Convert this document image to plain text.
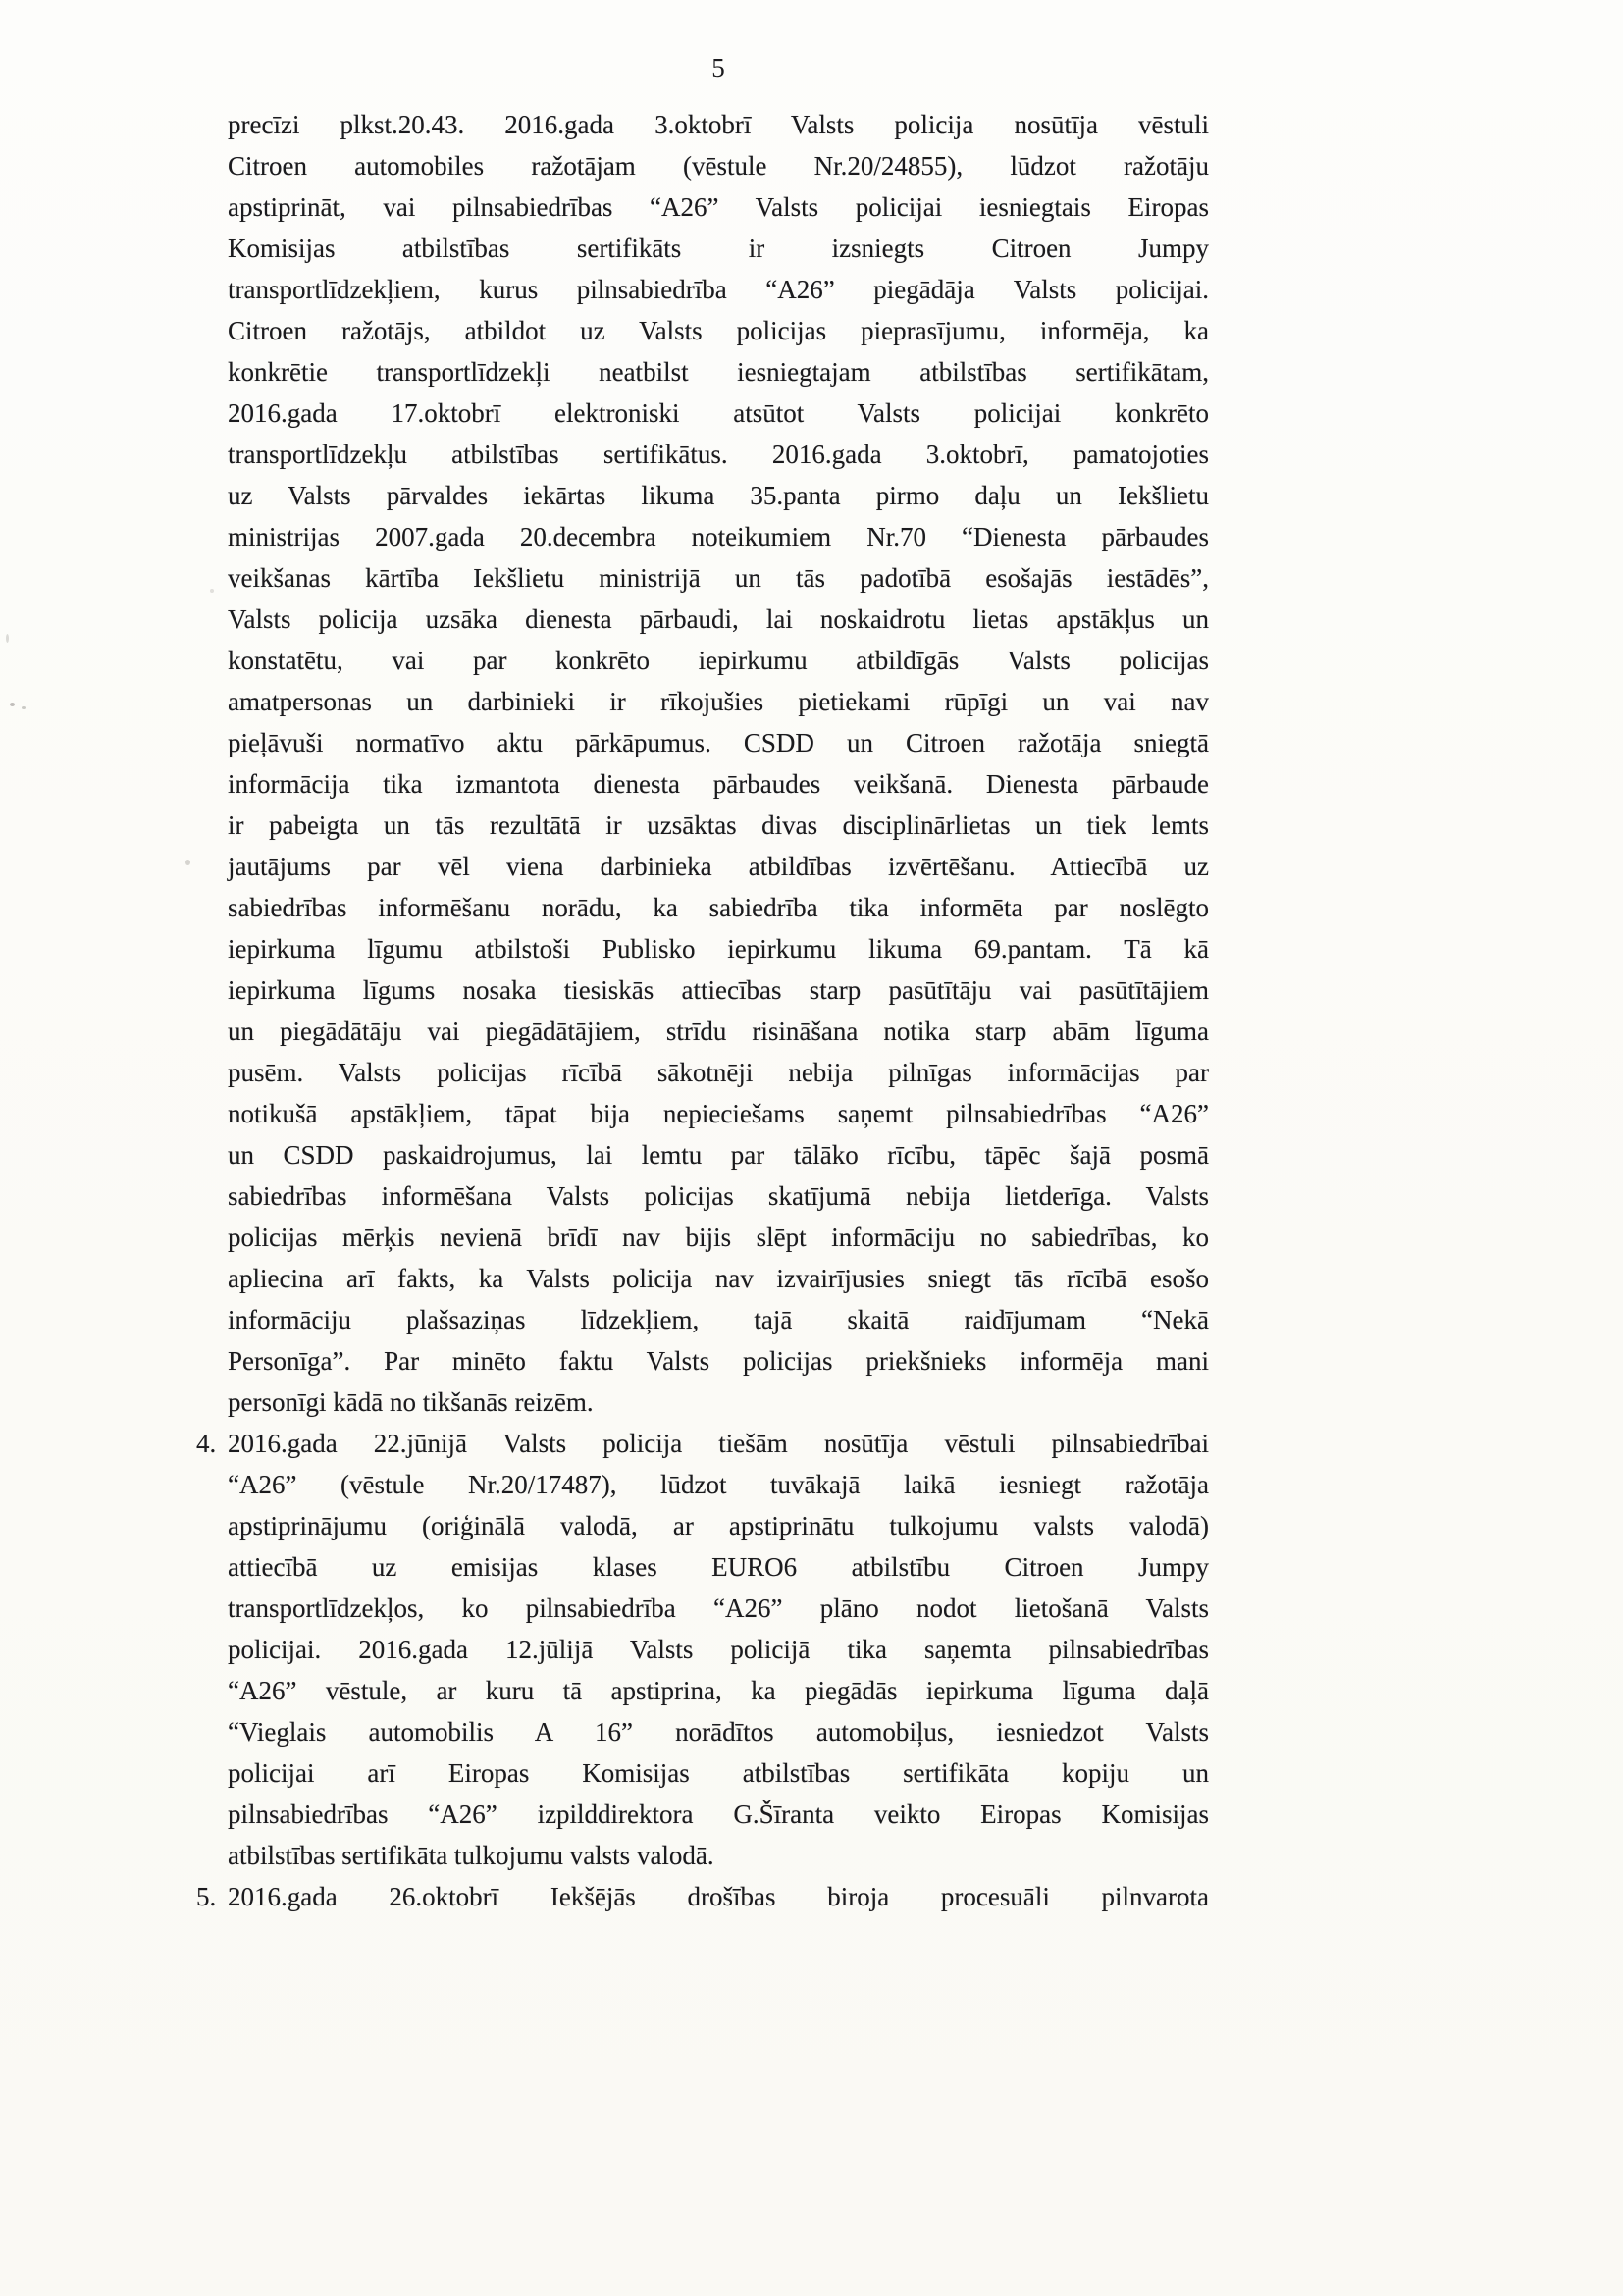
5
precīzi plkst.20.43. 2016.gada 3.oktobrī Valsts policija nosūtīja vēstuli
Citroen automobiles ražotājam (vēstule Nr.20/24855), lūdzot ražotāju
apstiprināt, vai pilnsabiedrības “A26” Valsts policijai iesniegtais Eiropas
Komisijas atbilstības sertifikāts ir izsniegts Citroen Jumpy
transportlīdzekļiem, kurus pilnsabiedrība “A26” piegādāja Valsts policijai.
Citroen ražotājs, atbildot uz Valsts policijas pieprasījumu, informēja, ka
konkrētie transportlīdzekļi neatbilst iesniegtajam atbilstības sertifikātam,
2016.gada 17.oktobrī elektroniski atsūtot Valsts policijai konkrēto
transportlīdzekļu atbilstības sertifikātus. 2016.gada 3.oktobrī, pamatojoties
uz Valsts pārvaldes iekārtas likuma 35.panta pirmo daļu un Iekšlietu
ministrijas 2007.gada 20.decembra noteikumiem Nr.70 “Dienesta pārbaudes
veikšanas kārtība Iekšlietu ministrijā un tās padotībā esošajās iestādēs”,
Valsts policija uzsāka dienesta pārbaudi, lai noskaidrotu lietas apstākļus un
konstatētu, vai par konkrēto iepirkumu atbildīgās Valsts policijas
amatpersonas un darbinieki ir rīkojušies pietiekami rūpīgi un vai nav
pieļāvuši normatīvo aktu pārkāpumus. CSDD un Citroen ražotāja sniegtā
informācija tika izmantota dienesta pārbaudes veikšanā. Dienesta pārbaude
ir pabeigta un tās rezultātā ir uzsāktas divas disciplinārlietas un tiek lemts
jautājums par vēl viena darbinieka atbildības izvērtēšanu. Attiecībā uz
sabiedrības informēšanu norādu, ka sabiedrība tika informēta par noslēgto
iepirkuma līgumu atbilstoši Publisko iepirkumu likuma 69.pantam. Tā kā
iepirkuma līgums nosaka tiesiskās attiecības starp pasūtītāju vai pasūtītājiem
un piegādātāju vai piegādātājiem, strīdu risināšana notika starp abām līguma
pusēm. Valsts policijas rīcībā sākotnēji nebija pilnīgas informācijas par
notikušā apstākļiem, tāpat bija nepieciešams saņemt pilnsabiedrības “A26”
un CSDD paskaidrojumus, lai lemtu par tālāko rīcību, tāpēc šajā posmā
sabiedrības informēšana Valsts policijas skatījumā nebija lietderīga. Valsts
policijas mērķis nevienā brīdī nav bijis slēpt informāciju no sabiedrības, ko
apliecina arī fakts, ka Valsts policija nav izvairījusies sniegt tās rīcībā esošo
informāciju plašsaziņas līdzekļiem, tajā skaitā raidījumam “Nekā
Personīga”. Par minēto faktu Valsts policijas priekšnieks informēja mani
personīgi kādā no tikšanās reizēm.
4. 2016.gada 22.jūnijā Valsts policija tiešām nosūtīja vēstuli pilnsabiedrībai
“A26” (vēstule Nr.20/17487), lūdzot tuvākajā laikā iesniegt ražotāja
apstiprinājumu (oriģinālā valodā, ar apstiprinātu tulkojumu valsts valodā)
attiecībā uz emisijas klases EURO6 atbilstību Citroen Jumpy
transportlīdzekļos, ko pilnsabiedrība “A26” plāno nodot lietošanā Valsts
policijai. 2016.gada 12.jūlijā Valsts policijā tika saņemta pilnsabiedrības
“A26” vēstule, ar kuru tā apstiprina, ka piegādās iepirkuma līguma daļā
“Vieglais automobilis A 16” norādītos automobiļus, iesniedzot Valsts
policijai arī Eiropas Komisijas atbilstības sertifikāta kopiju un
pilnsabiedrības “A26” izpilddirektora G.Šīranta veikto Eiropas Komisijas
atbilstības sertifikāta tulkojumu valsts valodā.
5. 2016.gada 26.oktobrī Iekšējās drošības biroja procesuāli pilnvarota
